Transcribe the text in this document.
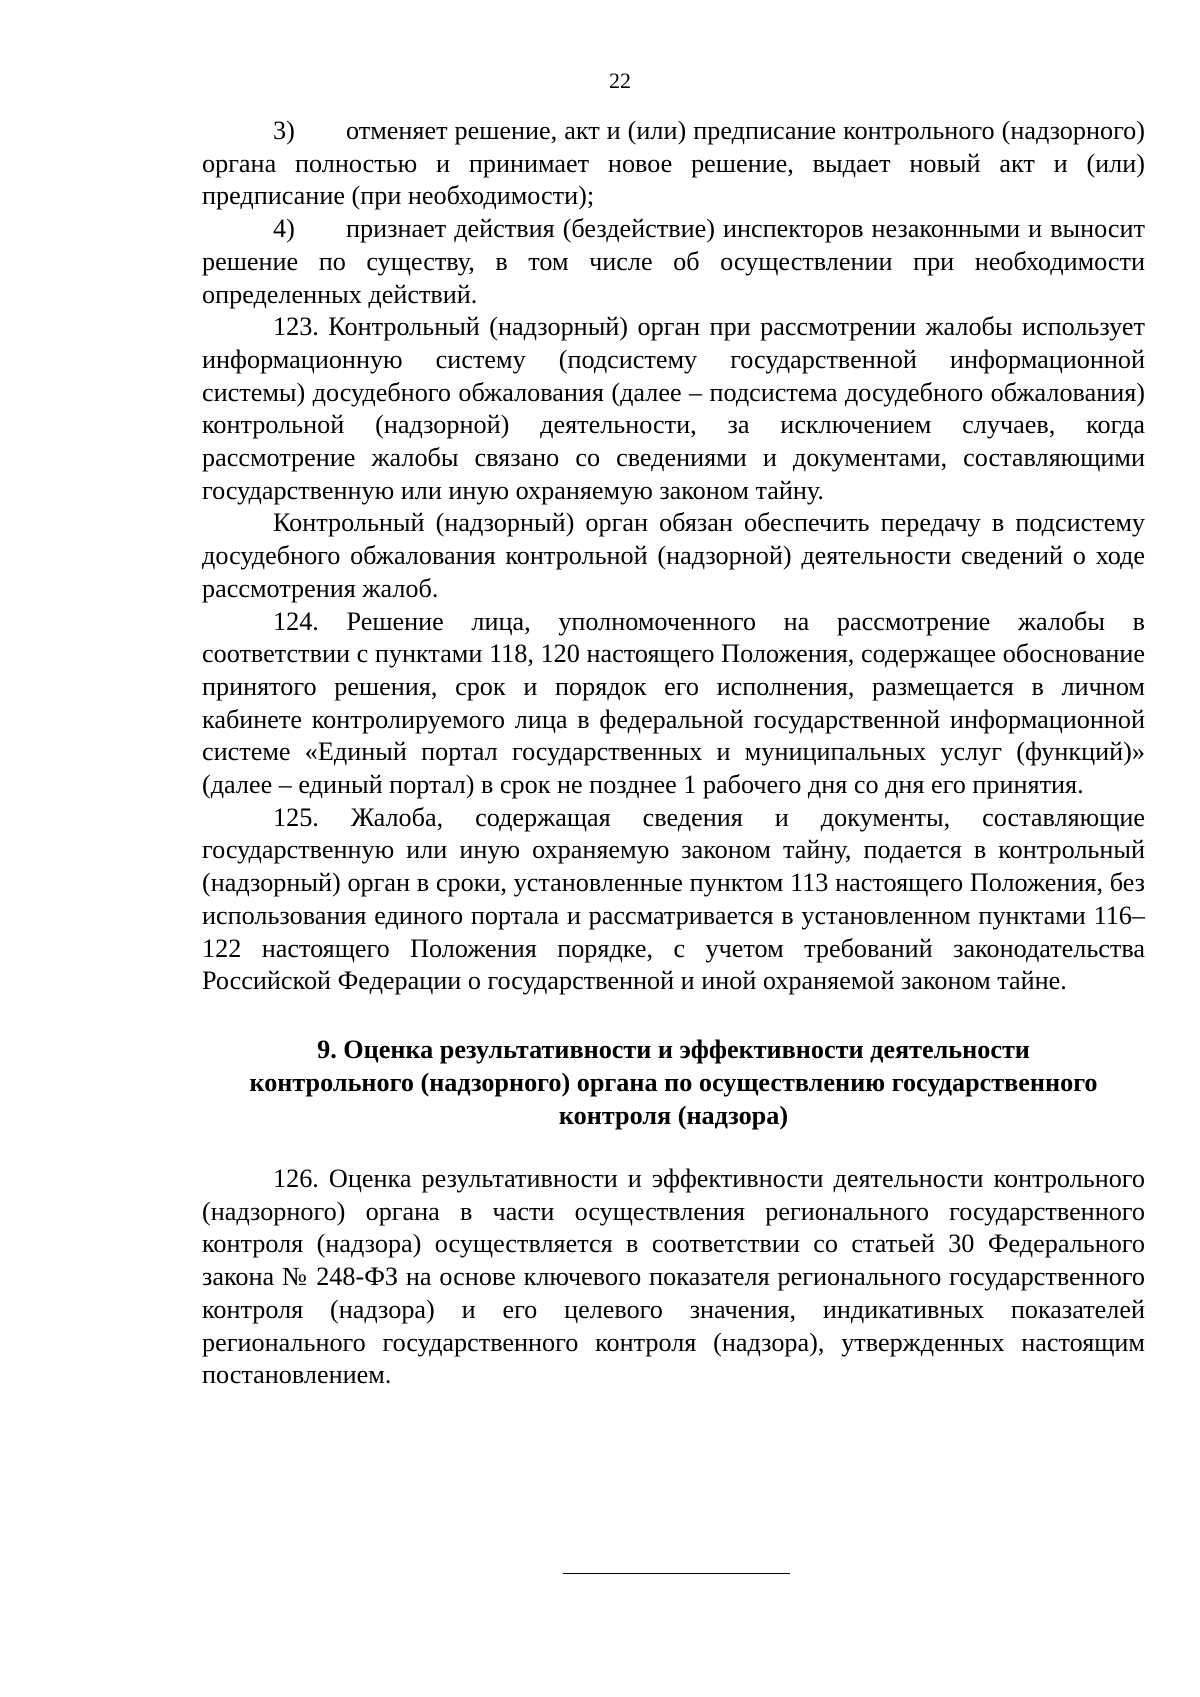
22

3) отменяет решение, акт и (или) предписание контрольного (надзорного) органа полностью и принимает новое решение, выдает новый акт и (или) предписание (при необходимости);

4) признает действия (бездействие) инспекторов незаконными и выносит решение по существу, в том числе об осуществлении при необходимости определенных действий.

123. Контрольный (надзорный) орган при рассмотрении жалобы использует информационную систему (подсистему государственной информационной системы) досудебного обжалования (далее – подсистема досудебного обжалования) контрольной (надзорной) деятельности, за исключением случаев, когда рассмотрение жалобы связано со сведениями и документами, составляющими государственную или иную охраняемую законом тайну.

Контрольный (надзорный) орган обязан обеспечить передачу в подсистему досудебного обжалования контрольной (надзорной) деятельности сведений о ходе рассмотрения жалоб.

124. Решение лица, уполномоченного на рассмотрение жалобы в соответствии с пунктами 118, 120 настоящего Положения, содержащее обоснование принятого решения, срок и порядок его исполнения, размещается в личном кабинете контролируемого лица в федеральной государственной информационной системе «Единый портал государственных и муниципальных услуг (функций)» (далее – единый портал) в срок не позднее 1 рабочего дня со дня его принятия.

125. Жалоба, содержащая сведения и документы, составляющие государственную или иную охраняемую законом тайну, подается в контрольный (надзорный) орган в сроки, установленные пунктом 113 настоящего Положения, без использования единого портала и рассматривается в установленном пунктами 116–122 настоящего Положения порядке, с учетом требований законодательства Российской Федерации о государственной и иной охраняемой законом тайне.

9. Оценка результативности и эффективности деятельности
контрольного (надзорного) органа по осуществлению государственного
контроля (надзора)

126. Оценка результативности и эффективности деятельности контрольного (надзорного) органа в части осуществления регионального государственного контроля (надзора) осуществляется в соответствии со статьей 30 Федерального закона № 248-ФЗ на основе ключевого показателя регионального государственного контроля (надзора) и его целевого значения, индикативных показателей регионального государственного контроля (надзора), утвержденных настоящим постановлением.
